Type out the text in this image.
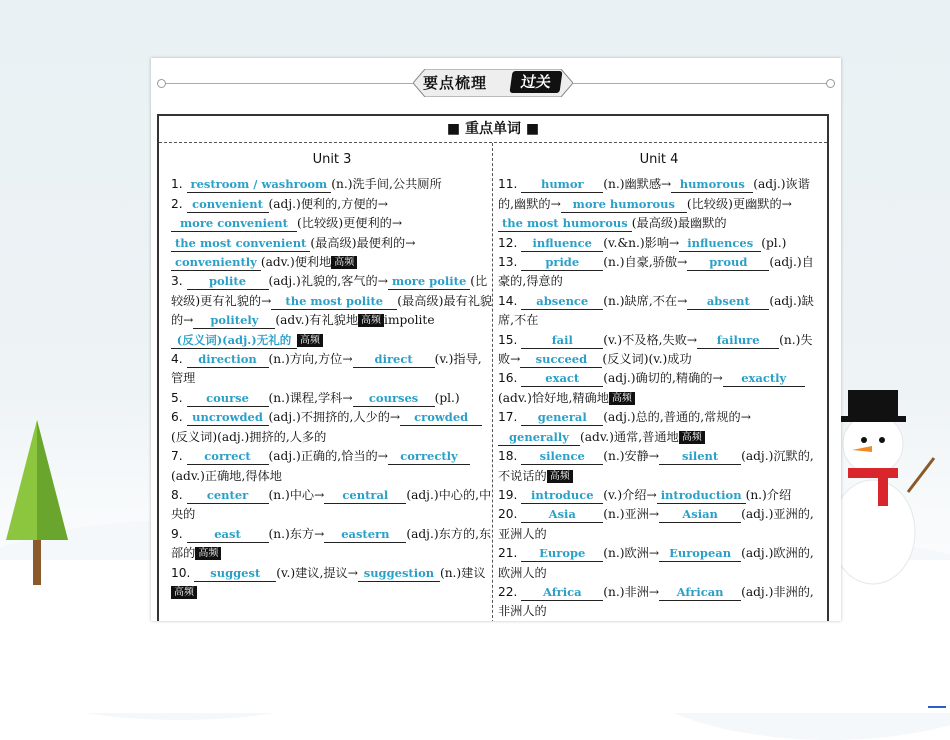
要点梳理	过关
■ 重点单词 ■
Unit 3
1. restroom / washroom (n.)洗手间,公共厕所
2. convenient (adj.)便利的,方便的→more convenient (比较级)更便利的→the most convenient (最高级)最便利的→conveniently (adv.)便利地 高频
3. polite (adj.)礼貌的,客气的→ more polite (比较级)更有礼貌的→ the most polite (最高级)最有礼貌的→ politely (adv.)有礼貌地 高频 impolite(反义词)(adj.)无礼的 高频
4. direction (n.)方向,方位→ direct (v.)指导,管理
5. course (n.)课程,学科→ courses (pl.)
6. uncrowded (adj.)不拥挤的,人少的→ crowded(反义词)(adj.)拥挤的,人多的
7. correct (adj.)正确的,恰当的→ correctly(adv.)正确地,得体地
8. center (n.)中心→ central (adj.)中心的,中央的
9.	east (n.)东方→ eastern (adj.)东方的,东部的 高频
10. suggest (v.)建议,提议→ suggestion (n.)建议高频
Unit 4
11. humor (n.)幽默感→ humorous (adj.)诙谐的,幽默的→ more humorous (比较级)更幽默的→the most humorous (最高级)最幽默的
12. influence (v.&n.)影响→ influences (pl.)
13. pride (n.)自豪,骄傲→ proud (adj.)自豪的,得意的
14. absence (n.)缺席,不在→ absent (adj.)缺席,不在
15.	fail (v.)不及格,失败→ failure (n.)失败→ succeed (反义词)(v.)成功
16. exact (adj.)确切的,精确的→ exactly(adv.)恰好地,精确地 高频
17. general (adj.)总的,普通的,常规的→generally (adv.)通常,普通地 高频
18. silence (n.)安静→ silent (adj.)沉默的,不说话的 高频
19. introduce (v.)介绍→ introduction (n.)介绍
20.	Asia (n.)亚洲→ Asian (adj.)亚洲的,亚洲人的
21. Europe (n.)欧洲→ European (adj.)欧洲的,欧洲人的
22. Africa (n.)非洲→ African (adj.)非洲的,非洲人的
